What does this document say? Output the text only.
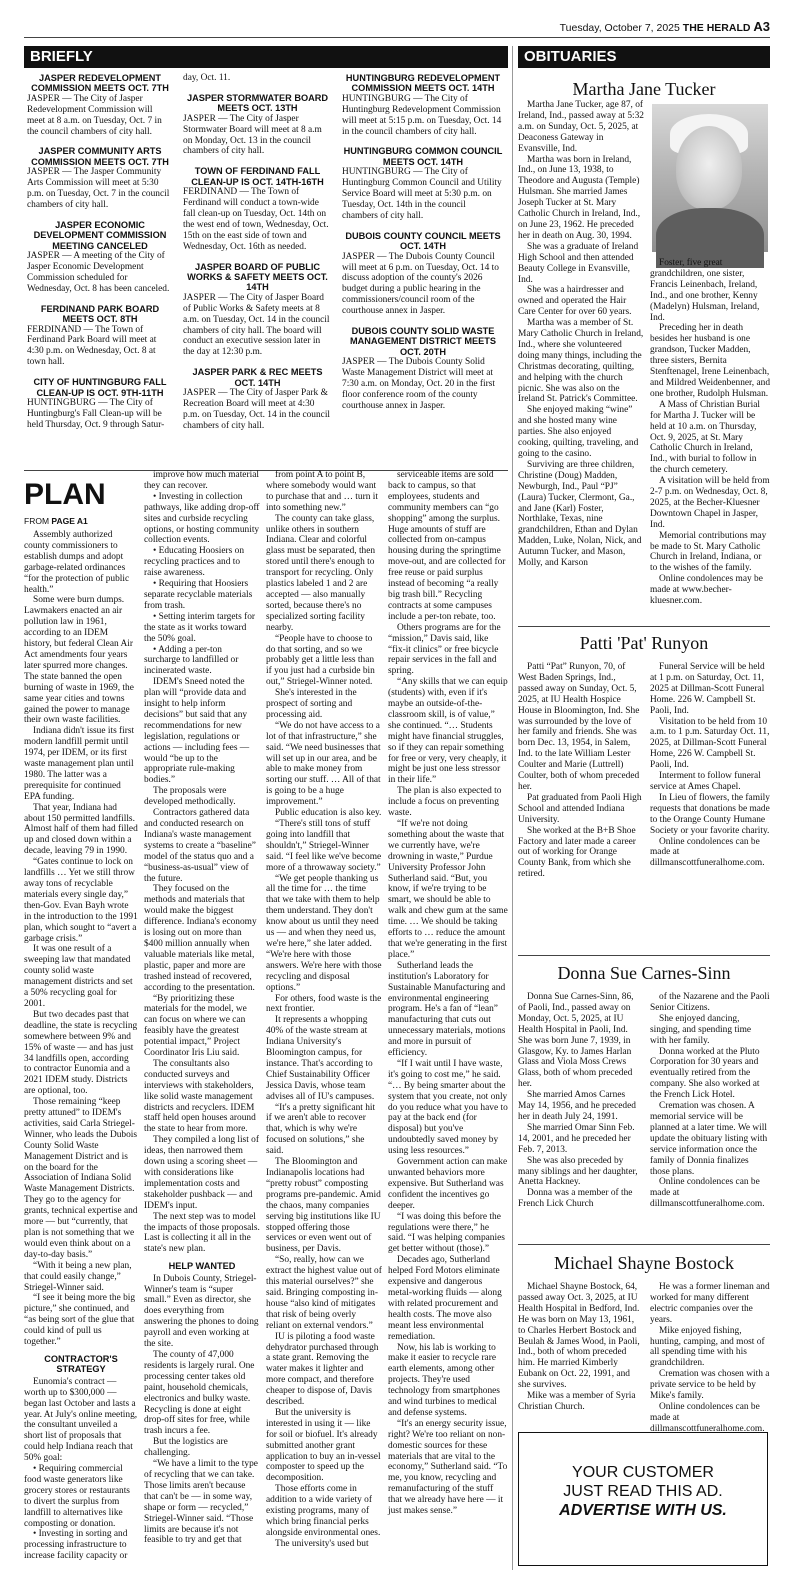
Tuesday, October 7, 2025 THE HERALD A3
BRIEFLY	OBITUARIES
JASPER REDEVELOPMENT COMMISSION MEETS OCT. 7TH
JASPER — The City of Jasper Redevelopment Commission will meet at 8 a.m. on Tuesday, Oct. 7 in the council chambers of city hall.
JASPER COMMUNITY ARTS COMMISSION MEETS OCT. 7TH
JASPER — The Jasper Community Arts Commission will meet at 5:30 p.m. on Tuesday, Oct. 7 in the council chambers of city hall.
JASPER ECONOMIC DEVELOPMENT COMMISSION MEETING CANCELED
JASPER — A meeting of the City of Jasper Economic Development Commission scheduled for Wednesday, Oct. 8 has been canceled.
FERDINAND PARK BOARD MEETS OCT. 8TH
FERDINAND — The Town of Ferdinand Park Board will meet at 4:30 p.m. on Wednesday, Oct. 8 at town hall.
CITY OF HUNTINGBURG FALL CLEAN-UP IS OCT. 9TH-11TH
HUNTINGBURG — The City of Huntingburg's Fall Clean-up will be held Thursday, Oct. 9 through Satur-
day, Oct. 11.
JASPER STORMWATER BOARD MEETS OCT. 13TH
JASPER — The City of Jasper Stormwater Board will meet at 8 a.m on Monday, Oct. 13 in the council chambers of city hall.
TOWN OF FERDINAND FALL CLEAN-UP IS OCT. 14TH-16TH
FERDINAND — The Town of Ferdinand will conduct a town-wide fall clean-up on Tuesday, Oct. 14th on the west end of town, Wednesday, Oct. 15th on the east side of town and Wednesday, Oct. 16th as needed.
JASPER BOARD OF PUBLIC WORKS & SAFETY MEETS OCT. 14TH
JASPER — The City of Jasper Board of Public Works & Safety meets at 8 a.m. on Tuesday, Oct. 14 in the council chambers of city hall. The board will conduct an executive session later in the day at 12:30 p.m.
JASPER PARK & REC MEETS OCT. 14TH
JASPER — The City of Jasper Park & Recreation Board will meet at 4:30 p.m. on Tuesday, Oct. 14 in the council chambers of city hall.
HUNTINGBURG REDEVELOPMENT COMMISSION MEETS OCT. 14TH
HUNTINGBURG — The City of Huntingburg Redevelopment Commission will meet at 5:15 p.m. on Tuesday, Oct. 14 in the council chambers of city hall.
HUNTINGBURG COMMON COUNCIL MEETS OCT. 14TH
HUNTINGBURG — The City of Huntingburg Common Council and Utility Service Board will meet at 5:30 p.m. on Tuesday, Oct. 14th in the council chambers of city hall.
DUBOIS COUNTY COUNCIL MEETS OCT. 14TH
JASPER — The Dubois County Council will meet at 6 p.m. on Tuesday, Oct. 14 to discuss adoption of the county's 2026 budget during a public hearing in the commissioners/council room of the courthouse annex in Jasper.
DUBOIS COUNTY SOLID WASTE MANAGEMENT DISTRICT MEETS OCT. 20TH
JASPER — The Dubois County Solid Waste Management District will meet at 7:30 a.m. on Monday, Oct. 20 in the first floor conference room of the county courthouse annex in Jasper.
PLAN
FROM PAGE A1

Assembly authorized county commissioners to establish dumps and adopt garbage-related ordinances “for the protection of public health.”

Some were burn dumps. Lawmakers enacted an air pollution law in 1961, according to an IDEM history, but federal Clean Air Act amendments four years later spurred more changes. The state banned the open burning of waste in 1969, the same year cities and towns gained the power to manage their own waste facilities.

Indiana didn't issue its first modern landfill permit until 1974, per IDEM, or its first waste management plan until 1980. The latter was a prerequisite for continued EPA funding.

That year, Indiana had about 150 permitted landfills. Almost half of them had filled up and closed down within a decade, leaving 79 in 1990.

“Gates continue to lock on landfills … Yet we still throw away tons of recyclable materials every single day,” then-Gov. Evan Bayh wrote in the introduction to the 1991 plan, which sought to “avert a garbage crisis.”

It was one result of a sweeping law that mandated county solid waste management districts and set a 50% recycling goal for 2001.

But two decades past that deadline, the state is recycling somewhere between 9% and 15% of waste — and has just 34 landfills open, according to contractor Eunomia and a 2021 IDEM study. Districts are optional, too.

Those remaining “keep pretty attuned” to IDEM's activities, said Carla Striegel-Winner, who leads the Dubois County Solid Waste Management District and is on the board for the Association of Indiana Solid Waste Management Districts. They go to the agency for grants, technical expertise and more — but “currently, that plan is not something that we would even think about on a day-to-day basis.”

“With it being a new plan, that could easily change,” Striegel-Winner said.

“I see it being more the big picture,” she continued, and “as being sort of the glue that could kind of pull us together.”

CONTRACTOR'S STRATEGY

Eunomia's contract — worth up to $300,000 — began last October and lasts a year. At July's online meeting, the consultant unveiled a short list of proposals that could help Indiana reach that 50% goal:

• Requiring commercial food waste generators like grocery stores or restaurants to divert the surplus from landfill to alternatives like composting or donation.

• Investing in sorting and processing infrastructure to increase facility capacity or

improve how much material they can recover.

• Investing in collection pathways, like adding drop-off sites and curbside recycling options, or hosting community collection events.

• Educating Hoosiers on recycling practices and to raise awareness.

• Requiring that Hoosiers separate recyclable materials from trash.

• Setting interim targets for the state as it works toward the 50% goal.

• Adding a per-ton surcharge to landfilled or incinerated waste.

IDEM's Sneed noted the plan will “provide data and insight to help inform decisions” but said that any recommendations for new legislation, regulations or actions — including fees — would “be up to the appropriate rule-making bodies.”

The proposals were developed methodically.

Contractors gathered data and conducted research on Indiana's waste management systems to create a “baseline” model of the status quo and a “business-as-usual” view of the future.

They focused on the methods and materials that would make the biggest difference. Indiana's economy is losing out on more than $400 million annually when valuable materials like metal, plastic, paper and more are trashed instead of recovered, according to the presentation.

“By prioritizing these materials for the model, we can focus on where we can feasibly have the greatest potential impact,” Project Coordinator Iris Liu said.

The consultants also conducted surveys and interviews with stakeholders, like solid waste management districts and recyclers. IDEM staff held open houses around the state to hear from more.

They compiled a long list of ideas, then narrowed them down using a scoring sheet — with considerations like implementation costs and stakeholder pushback — and IDEM's input.

The next step was to model the impacts of those proposals. Last is collecting it all in the state's new plan.

HELP WANTED

In Dubois County, Striegel-Winner's team is “super small.” Even as director, she does everything from answering the phones to doing payroll and even working at the site.

The county of 47,000 residents is largely rural. One processing center takes old paint, household chemicals, electronics and bulky waste. Recycling is done at eight drop-off sites for free, while trash incurs a fee.

But the logistics are challenging.

“We have a limit to the type of recycling that we can take. Those limits aren't because that can't be — in some way, shape or form — recycled,” Striegel-Winner said. “Those limits are because it's not feasible to try and get that

from point A to point B, where somebody would want to purchase that and … turn it into something new.”

The county can take glass, unlike others in southern Indiana. Clear and colorful glass must be separated, then stored until there's enough to transport for recycling. Only plastics labeled 1 and 2 are accepted — also manually sorted, because there's no specialized sorting facility nearby.

“People have to choose to do that sorting, and so we probably get a little less than if you just had a curbside bin out,” Striegel-Winner noted.

She's interested in the prospect of sorting and processing aid.

“We do not have access to a lot of that infrastructure,” she said. “We need businesses that will set up in our area, and be able to make money from sorting our stuff. … All of that is going to be a huge improvement.”

Public education is also key.

“There's still tons of stuff going into landfill that shouldn't,” Striegel-Winner said. “I feel like we've become more of a throwaway society.”

“We get people thanking us all the time for … the time that we take with them to help them understand. They don't know about us until they need us — and when they need us, we're here,” she later added. “We're here with those answers. We're here with those recycling and disposal options.”

For others, food waste is the next frontier.

It represents a whopping 40% of the waste stream at Indiana University's Bloomington campus, for instance. That's according to Chief Sustainability Officer Jessica Davis, whose team advises all of IU's campuses.

“It's a pretty significant hit if we aren't able to recover that, which is why we're focused on solutions,” she said.

The Bloomington and Indianapolis locations had “pretty robust” composting programs pre-pandemic. Amid the chaos, many companies serving big institutions like IU stopped offering those services or even went out of business, per Davis.

“So, really, how can we extract the highest value out of this material ourselves?” she said. Bringing composting in-house “also kind of mitigates that risk of being overly reliant on external vendors.”

IU is piloting a food waste dehydrator purchased through a state grant. Removing the water makes it lighter and more compact, and therefore cheaper to dispose of, Davis described.

But the university is interested in using it — like for soil or biofuel. It's already submitted another grant application to buy an in-vessel composter to speed up the decomposition.

Those efforts come in addition to a wide variety of existing programs, many of which bring financial perks alongside environmental ones.

The university's used but

serviceable items are sold back to campus, so that employees, students and community members can “go shopping” among the surplus. Huge amounts of stuff are collected from on-campus housing during the springtime move-out, and are collected for free reuse or paid surplus instead of becoming “a really big trash bill.” Recycling contracts at some campuses include a per-ton rebate, too.

Others programs are for the “mission,” Davis said, like “fix-it clinics” or free bicycle repair services in the fall and spring.

“Any skills that we can equip (students) with, even if it's maybe an outside-of-the-classroom skill, is of value,” she continued. “… Students might have financial struggles, so if they can repair something for free or very, very cheaply, it might be just one less stressor in their life.”

The plan is also expected to include a focus on preventing waste.

“If we're not doing something about the waste that we currently have, we're drowning in waste,” Purdue University Professor John Sutherland said. “But, you know, if we're trying to be smart, we should be able to walk and chew gum at the same time. … We should be taking efforts to … reduce the amount that we're generating in the first place.”

Sutherland leads the institution's Laboratory for Sustainable Manufacturing and environmental engineering program. He's a fan of “lean” manufacturing that cuts out unnecessary materials, motions and more in pursuit of efficiency.

“If I wait until I have waste, it's going to cost me,” he said. “… By being smarter about the system that you create, not only do you reduce what you have to pay at the back end (for disposal) but you've undoubtedly saved money by using less resources.”

Government action can make unwanted behaviors more expensive. But Sutherland was confident the incentives go deeper.

“I was doing this before the regulations were there,” he said. “I was helping companies get better without (those).”

Decades ago, Sutherland helped Ford Motors eliminate expensive and dangerous metal-working fluids — along with related procurement and health costs. The move also meant less environmental remediation.

Now, his lab is working to make it easier to recycle rare earth elements, among other projects. They're used technology from smartphones and wind turbines to medical and defense systems.

“It's an energy security issue, right? We're too reliant on non-domestic sources for these materials that are vital to the economy,” Sutherland said. “To me, you know, recycling and remanufacturing of the stuff that we already have here — it just makes sense.”

Martha Jane Tucker

Martha Jane Tucker, age 87, of Ireland, Ind., passed away at 5:32 a.m. on Sunday, Oct. 5, 2025, at Deaconess Gateway in Evansville, Ind.

Martha was born in Ireland, Ind., on June 13, 1938, to Theodore and Augusta (Temple) Hulsman. She married James Joseph Tucker at St. Mary Catholic Church in Ireland, Ind., on June 23, 1962. He preceded her in death on Aug. 30, 1994.

She was a graduate of Ireland High School and then attended Beauty College in Evansville, Ind.

She was a hairdresser and owned and operated the Hair Care Center for over 60 years.

Martha was a member of St. Mary Catholic Church in Ireland, Ind., where she volunteered doing many things, including the Christmas decorating, quilting, and helping with the church picnic. She was also on the Ireland St. Patrick's Committee.

She enjoyed making “wine” and she hosted many wine parties. She also enjoyed cooking, quilting, traveling, and going to the casino.

Surviving are three children, Christine (Doug) Madden, Newburgh, Ind., Paul “PJ” (Laura) Tucker, Clermont, Ga., and Jane (Karl) Foster, Northlake, Texas, nine grandchildren, Ethan and Dylan Madden, Luke, Nolan, Nick, and Autumn Tucker, and Mason, Molly, and Karson

Foster, five great grandchildren, one sister, Francis Leinenbach, Ireland, Ind., and one brother, Kenny (Madelyn) Hulsman, Ireland, Ind.

Preceding her in death besides her husband is one grandson, Tucker Madden, three sisters, Bernita Stenftenagel, Irene Leinenbach, and Mildred Weidenbenner, and one brother, Rudolph Hulsman.

A Mass of Christian Burial for Martha J. Tucker will be held at 10 a.m. on Thursday, Oct. 9, 2025, at St. Mary Catholic Church in Ireland, Ind., with burial to follow in the church cemetery.

A visitation will be held from 2-7 p.m. on Wednesday, Oct. 8, 2025, at the Becher-Kluesner Downtown Chapel in Jasper, Ind.

Memorial contributions may be made to St. Mary Catholic Church in Ireland, Indiana, or to the wishes of the family.

Online condolences may be made at www.becher-kluesner.com.

Patti 'Pat' Runyon

Patti “Pat” Runyon, 70, of West Baden Springs, Ind., passed away on Sunday, Oct. 5, 2025, at IU Health Hospice House in Bloomington, Ind. She was surrounded by the love of her family and friends. She was born Dec. 13, 1954, in Salem, Ind. to the late William Lester Coulter and Marie (Luttrell) Coulter, both of whom preceded her.

Pat graduated from Paoli High School and attended Indiana University.

She worked at the B+B Shoe Factory and later made a career out of working for Orange County Bank, from which she retired.

Funeral Service will be held at 1 p.m. on Saturday, Oct. 11, 2025 at Dillman-Scott Funeral Home. 226 W. Campbell St. Paoli, Ind.

Visitation to be held from 10 a.m. to 1 p.m. Saturday Oct. 11, 2025, at Dillman-Scott Funeral Home, 226 W. Campbell St. Paoli, Ind.

Interment to follow funeral service at Ames Chapel.

In Lieu of flowers, the family requests that donations be made to the Orange County Humane Society or your favorite charity.

Online condolences can be made at dillmanscottfuneralhome.com.

Donna Sue Carnes-Sinn

Donna Sue Carnes-Sinn, 86, of Paoli, Ind., passed away on Monday, Oct. 5, 2025, at IU Health Hospital in Paoli, Ind. She was born June 7, 1939, in Glasgow, Ky. to James Harlan Glass and Viola Moss Crews Glass, both of whom preceded her.

She married Amos Carnes May 14, 1956, and he preceded her in death July 24, 1991.

She married Omar Sinn Feb. 14, 2001, and he preceded her Feb. 7, 2013.

She was also preceded by many siblings and her daughter, Anetta Hackney.

Donna was a member of the French Lick Church

of the Nazarene and the Paoli Senior Citizens.

She enjoyed dancing, singing, and spending time with her family.

Donna worked at the Pluto Corporation for 30 years and eventually retired from the company. She also worked at the French Lick Hotel.

Cremation was chosen. A memorial service will be planned at a later time. We will update the obituary listing with service information once the family of Donnia finalizes those plans.

Online condolences can be made at dillmanscottfuneralhome.com.

Michael Shayne Bostock

Michael Shayne Bostock, 64, passed away Oct. 3, 2025, at IU Health Hospital in Bedford, Ind. He was born on May 13, 1961, to Charles Herbert Bostock and Beulah & James Wood, in Paoli, Ind., both of whom preceded him. He married Kimberly Eubank on Oct. 22, 1991, and she survives.

Mike was a member of Syria Christian Church.

He was a former lineman and worked for many different electric companies over the years.

Mike enjoyed fishing, hunting, camping, and most of all spending time with his grandchildren.

Cremation was chosen with a private service to be held by Mike's family.

Online condolences can be made at dillmanscottfuneralhome.com.

YOUR CUSTOMER
JUST READ THIS AD.
ADVERTISE WITH US.
